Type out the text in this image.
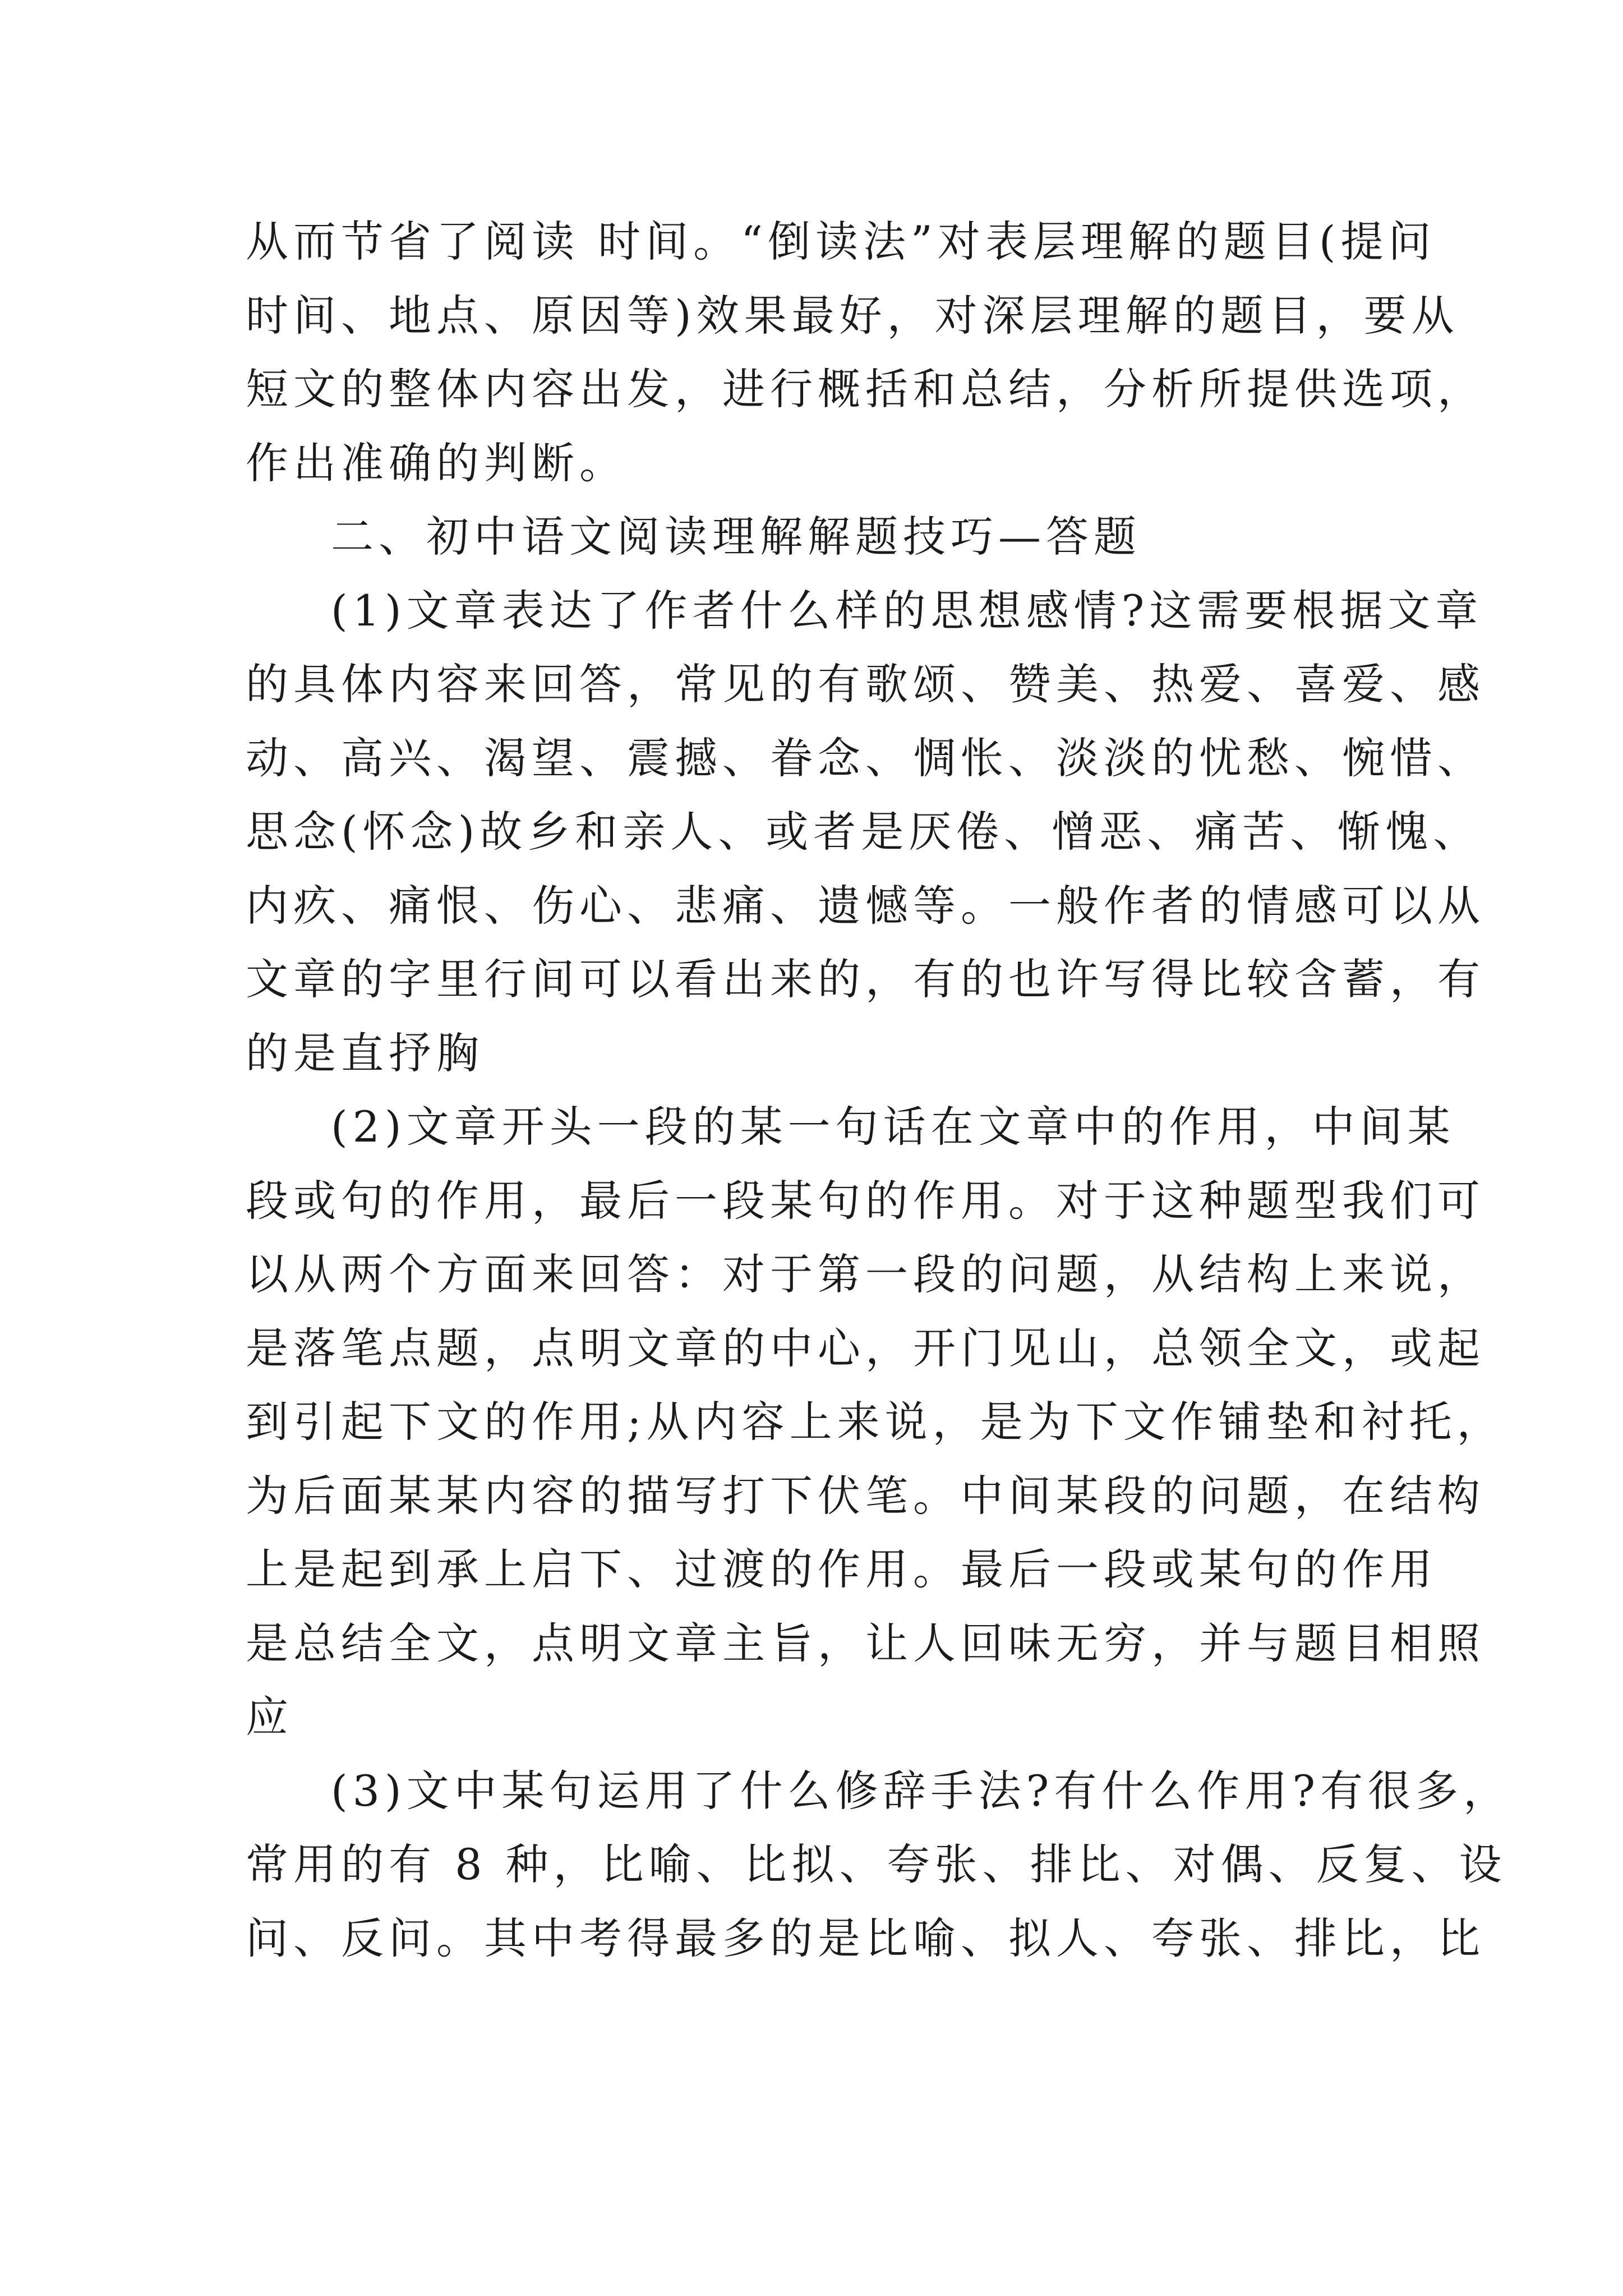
从而节省了阅读 时间。“倒读法”对表层理解的题目(提问
时间、地点、原因等)效果最好，对深层理解的题目，要从
短文的整体内容出发，进行概括和总结，分析所提供选项，
作出准确的判断。
二、初中语文阅读理解解题技巧—答题
(1)文章表达了作者什么样的思想感情?这需要根据文章
的具体内容来回答，常见的有歌颂、赞美、热爱、喜爱、感
动、高兴、渴望、震撼、眷念、惆怅、淡淡的忧愁、惋惜、
思念(怀念)故乡和亲人、或者是厌倦、憎恶、痛苦、惭愧、
内疚、痛恨、伤心、悲痛、遗憾等。一般作者的情感可以从
文章的字里行间可以看出来的，有的也许写得比较含蓄，有
的是直抒胸
(2)文章开头一段的某一句话在文章中的作用，中间某
段或句的作用，最后一段某句的作用。对于这种题型我们可
以从两个方面来回答：对于第一段的问题，从结构上来说，
是落笔点题，点明文章的中心，开门见山，总领全文，或起
到引起下文的作用;从内容上来说，是为下文作铺垫和衬托，
为后面某某内容的描写打下伏笔。中间某段的问题，在结构
上是起到承上启下、过渡的作用。最后一段或某句的作用
是总结全文，点明文章主旨，让人回味无穷，并与题目相照
应
(3)文中某句运用了什么修辞手法?有什么作用?有很多，
常用的有 8 种，比喻、比拟、夸张、排比、对偶、反复、设
问、反问。其中考得最多的是比喻、拟人、夸张、排比，比
